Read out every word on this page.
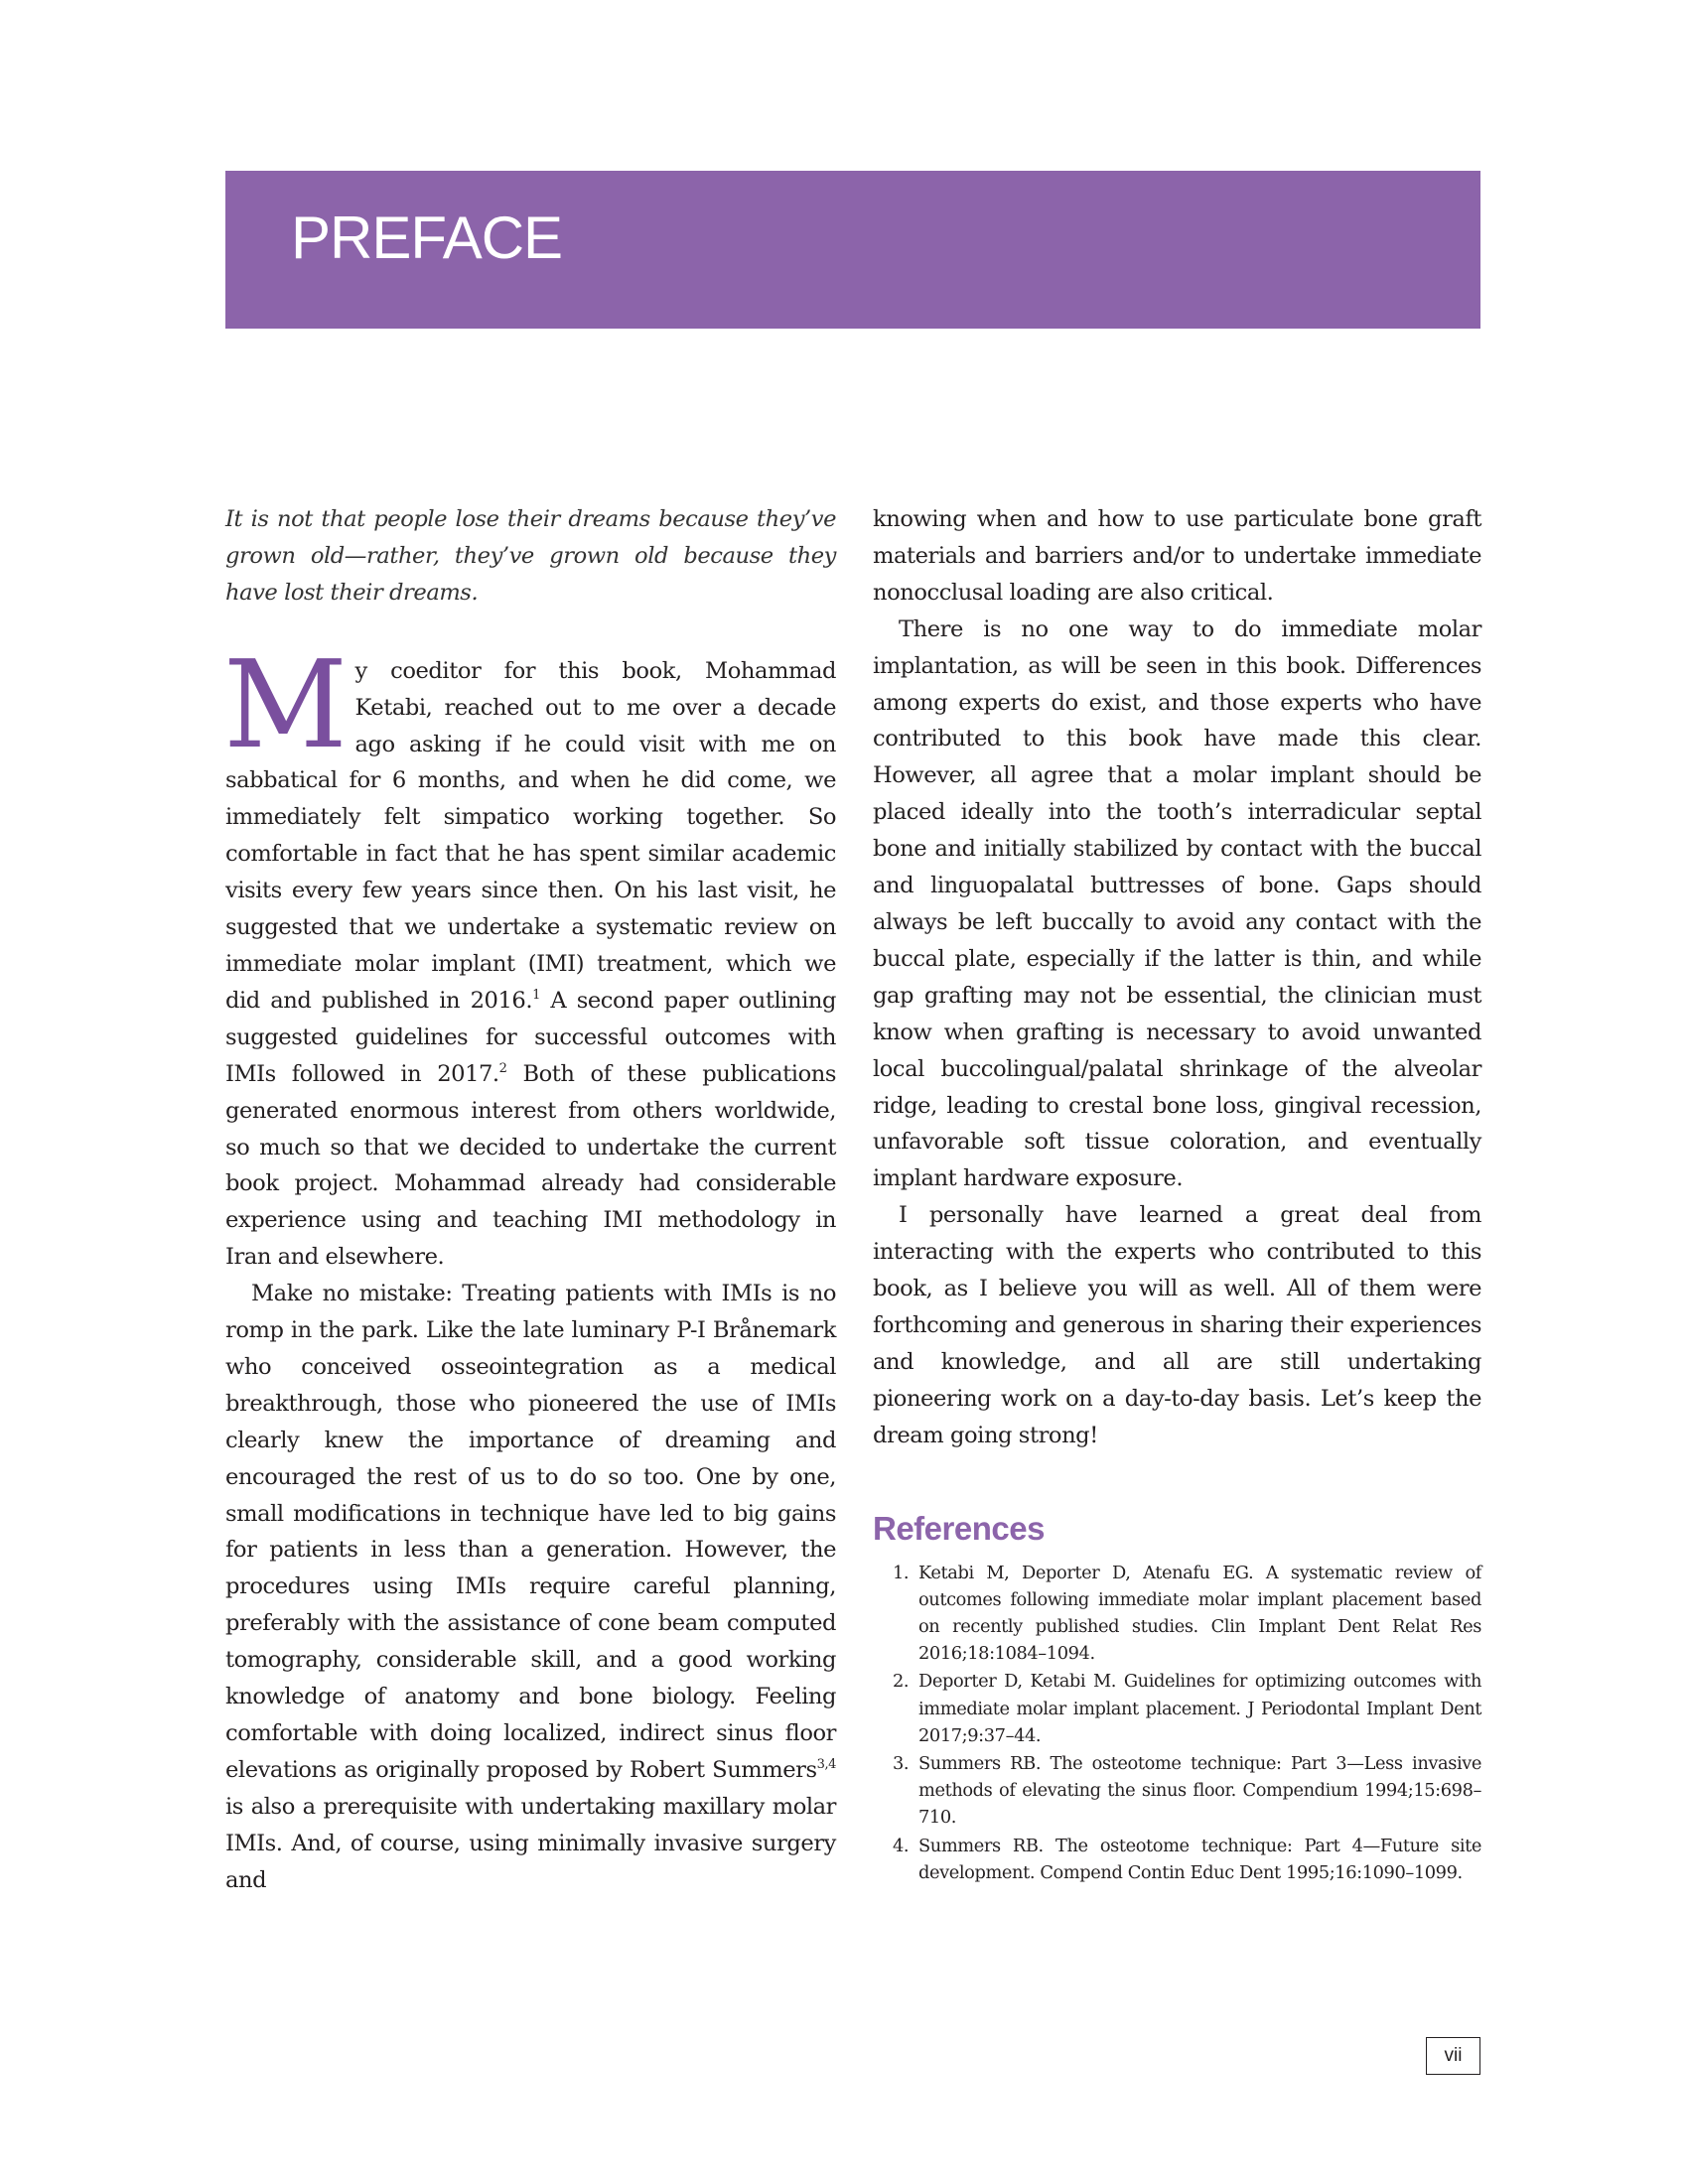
PREFACE

It is not that people lose their dreams because they’ve grown old—rather, they’ve grown old because they have lost their dreams.

My coeditor for this book, Mohammad Ketabi, reached out to me over a decade ago asking if he could visit with me on sabbatical for 6 months, and when he did come, we immediately felt simpatico working together. So comfortable in fact that he has spent similar academic visits every few years since then. On his last visit, he suggested that we undertake a systematic review on immediate molar implant (IMI) treatment, which we did and published in 2016.$^1$ A second paper outlining suggested guidelines for successful outcomes with IMIs followed in 2017.$^2$ Both of these publications generated enormous interest from others worldwide, so much so that we decided to undertake the current book project. Mohammad already had considerable experience using and teaching IMI methodology in Iran and elsewhere.

Make no mistake: Treating patients with IMIs is no romp in the park. Like the late luminary P-I Brånemark who conceived osseointegration as a medical breakthrough, those who pioneered the use of IMIs clearly knew the importance of dreaming and encouraged the rest of us to do so too. One by one, small modifications in technique have led to big gains for patients in less than a generation. However, the procedures using IMIs require careful planning, preferably with the assistance of cone beam computed tomography, considerable skill, and a good working knowledge of anatomy and bone biology. Feeling comfortable with doing localized, indirect sinus floor elevations as originally proposed by Robert Summers$^{3,4}$ is also a prerequisite with undertaking maxillary molar IMIs. And, of course, using minimally invasive surgery and

knowing when and how to use particulate bone graft materials and barriers and/or to undertake immediate nonocclusal loading are also critical.

There is no one way to do immediate molar implantation, as will be seen in this book. Differences among experts do exist, and those experts who have contributed to this book have made this clear. However, all agree that a molar implant should be placed ideally into the tooth’s interradicular septal bone and initially stabilized by contact with the buccal and linguopalatal buttresses of bone. Gaps should always be left buccally to avoid any contact with the buccal plate, especially if the latter is thin, and while gap grafting may not be essential, the clinician must know when grafting is necessary to avoid unwanted local buccolingual/palatal shrinkage of the alveolar ridge, leading to crestal bone loss, gingival recession, unfavorable soft tissue coloration, and eventually implant hardware exposure.

I personally have learned a great deal from interacting with the experts who contributed to this book, as I believe you will as well. All of them were forthcoming and generous in sharing their experiences and knowledge, and all are still undertaking pioneering work on a day-to-day basis. Let’s keep the dream going strong!

References
1. Ketabi M, Deporter D, Atenafu EG. A systematic review of outcomes following immediate molar implant placement based on recently published studies. Clin Implant Dent Relat Res 2016;18:1084–1094.
2. Deporter D, Ketabi M. Guidelines for optimizing outcomes with immediate molar implant placement. J Periodontal Implant Dent 2017;9:37–44.
3. Summers RB. The osteotome technique: Part 3—Less invasive methods of elevating the sinus floor. Compendium 1994;15:698–710.
4. Summers RB. The osteotome technique: Part 4—Future site development. Compend Contin Educ Dent 1995;16:1090–1099.
vii
